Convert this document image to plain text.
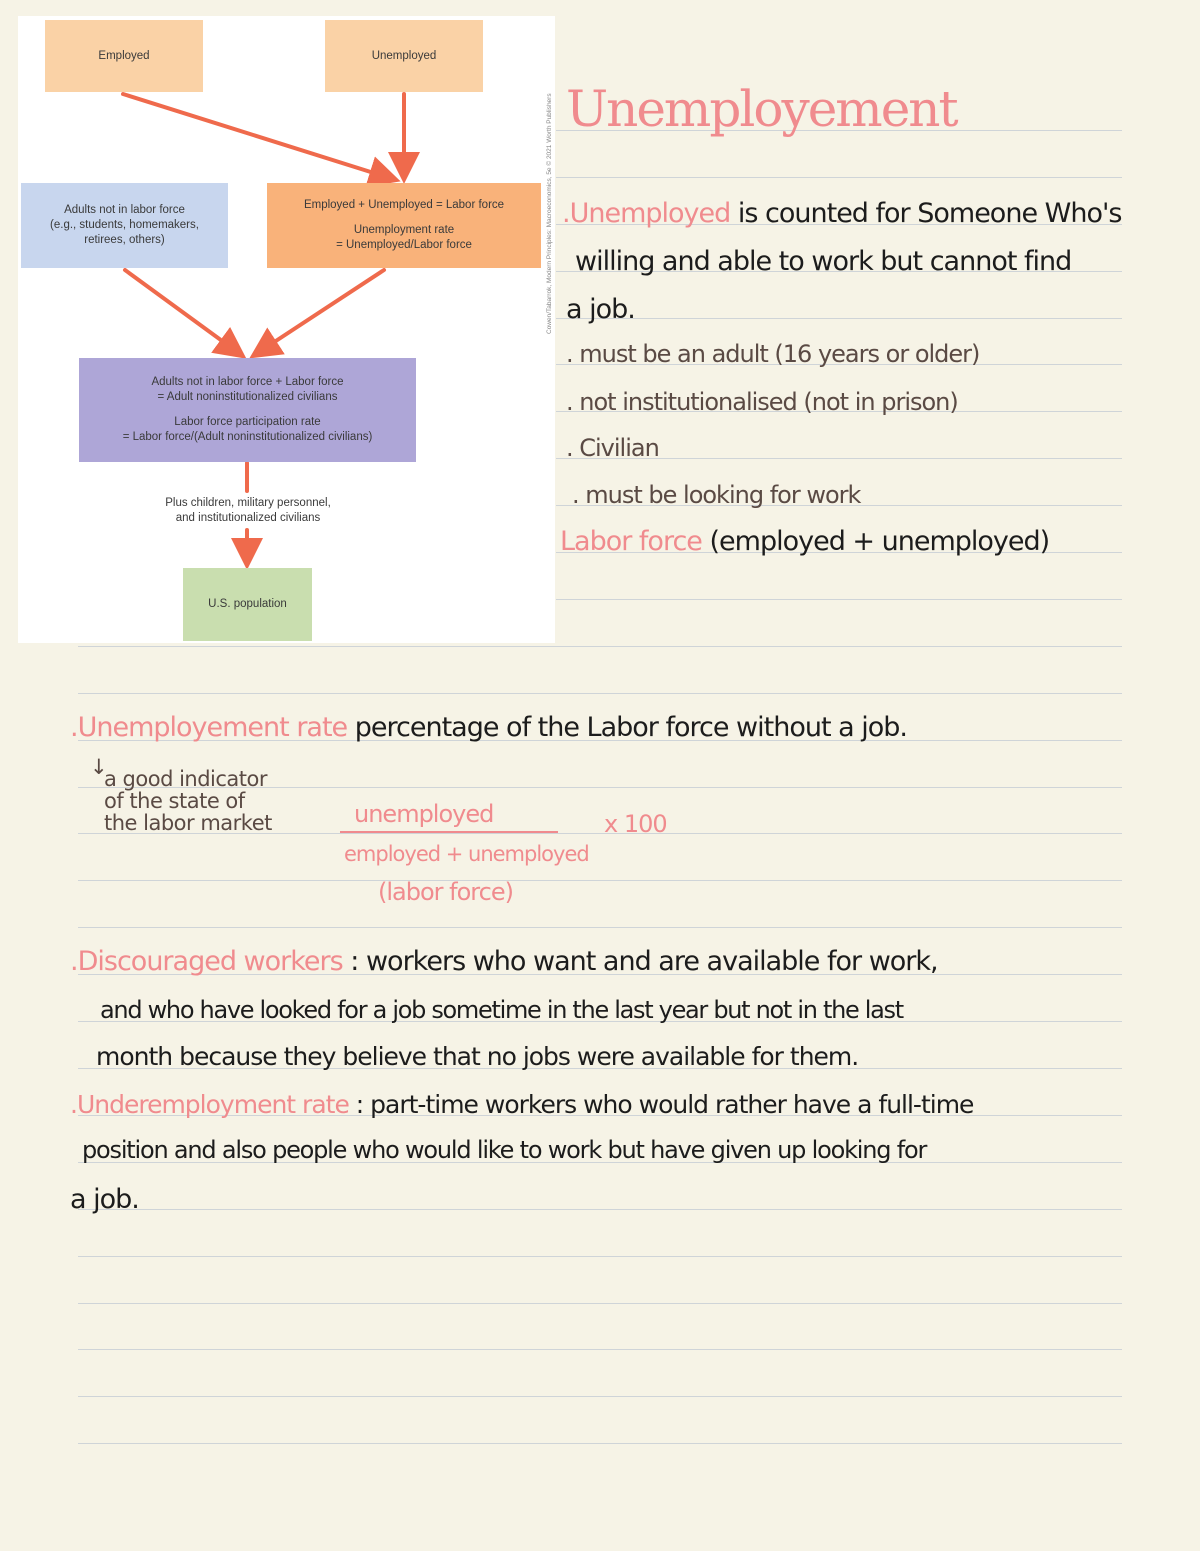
Employed	Unemployed
Adults not in labor force
(e.g., students, homemakers,
retirees, others)
Employed + Unemployed = Labor force
Unemployment rate
= Unemployed/Labor force
Adults not in labor force + Labor force
= Adult noninstitutionalized civilians
Labor force participation rate
= Labor force/(Adult noninstitutionalized civilians)
Plus children, military personnel,
and institutionalized civilians
U.S. population
Cowen/Tabarrok, Modern Principles: Macroeconomics, 5e © 2021 Worth Publishers Unemployement
.Unemployed is counted for Someone Who's
willing and able to work but cannot find
a job.
. must be an adult (16 years or older)
. not institutionalised (not in prison)
. Civilian
. must be looking for work
Labor force (employed + unemployed)
.Unemployement rate percentage of the Labor force without a job.
↓
a good indicator
of the state of
the labor market	unemployed
employed + unemployed
(labor force)
x 100
.Discouraged workers : workers who want and are available for work,
and who have looked for a job sometime in the last year but not in the last
month because they believe that no jobs were available for them.
.Underemployment rate : part-time workers who would rather have a full-time
position and also people who would like to work but have given up looking for
a job.
